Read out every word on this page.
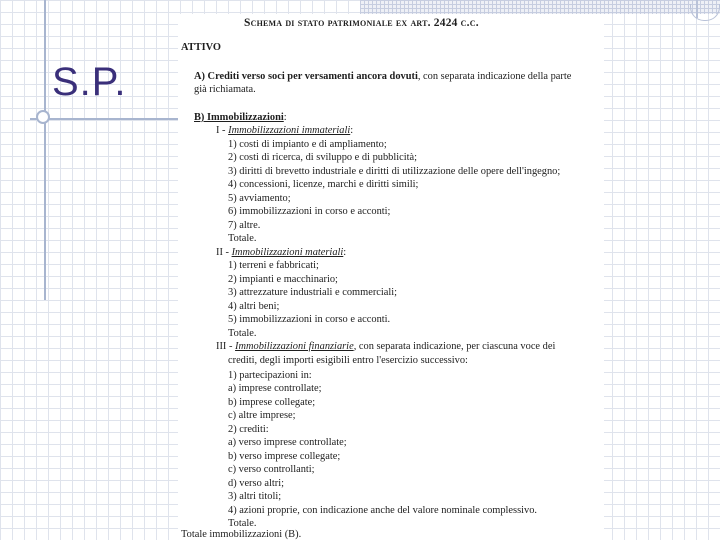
S.P.
Schema di stato patrimoniale ex art. 2424 c.c.
ATTIVO
A) Crediti verso soci per versamenti ancora dovuti, con separata indicazione della parte
già richiamata.
B) Immobilizzazioni:
I - Immobilizzazioni immateriali:
1) costi di impianto e di ampliamento;
2) costi di ricerca, di sviluppo e di pubblicità;
3) diritti di brevetto industriale e diritti di utilizzazione delle opere dell'ingegno;
4) concessioni, licenze, marchi e diritti simili;
5) avviamento;
6) immobilizzazioni in corso e acconti;
7) altre.
Totale.
II - Immobilizzazioni materiali:
1) terreni e fabbricati;
2) impianti e macchinario;
3) attrezzature industriali e commerciali;
4) altri beni;
5) immobilizzazioni in corso e acconti.
Totale.
III - Immobilizzazioni finanziarie, con separata indicazione, per ciascuna voce dei
crediti, degli importi esigibili entro l'esercizio successivo:
1) partecipazioni in:
a) imprese controllate;
b) imprese collegate;
c) altre imprese;
2) crediti:
a) verso imprese controllate;
b) verso imprese collegate;
c) verso controllanti;
d) verso altri;
3) altri titoli;
4) azioni proprie, con indicazione anche del valore nominale complessivo.
Totale.
Totale immobilizzazioni (B).
